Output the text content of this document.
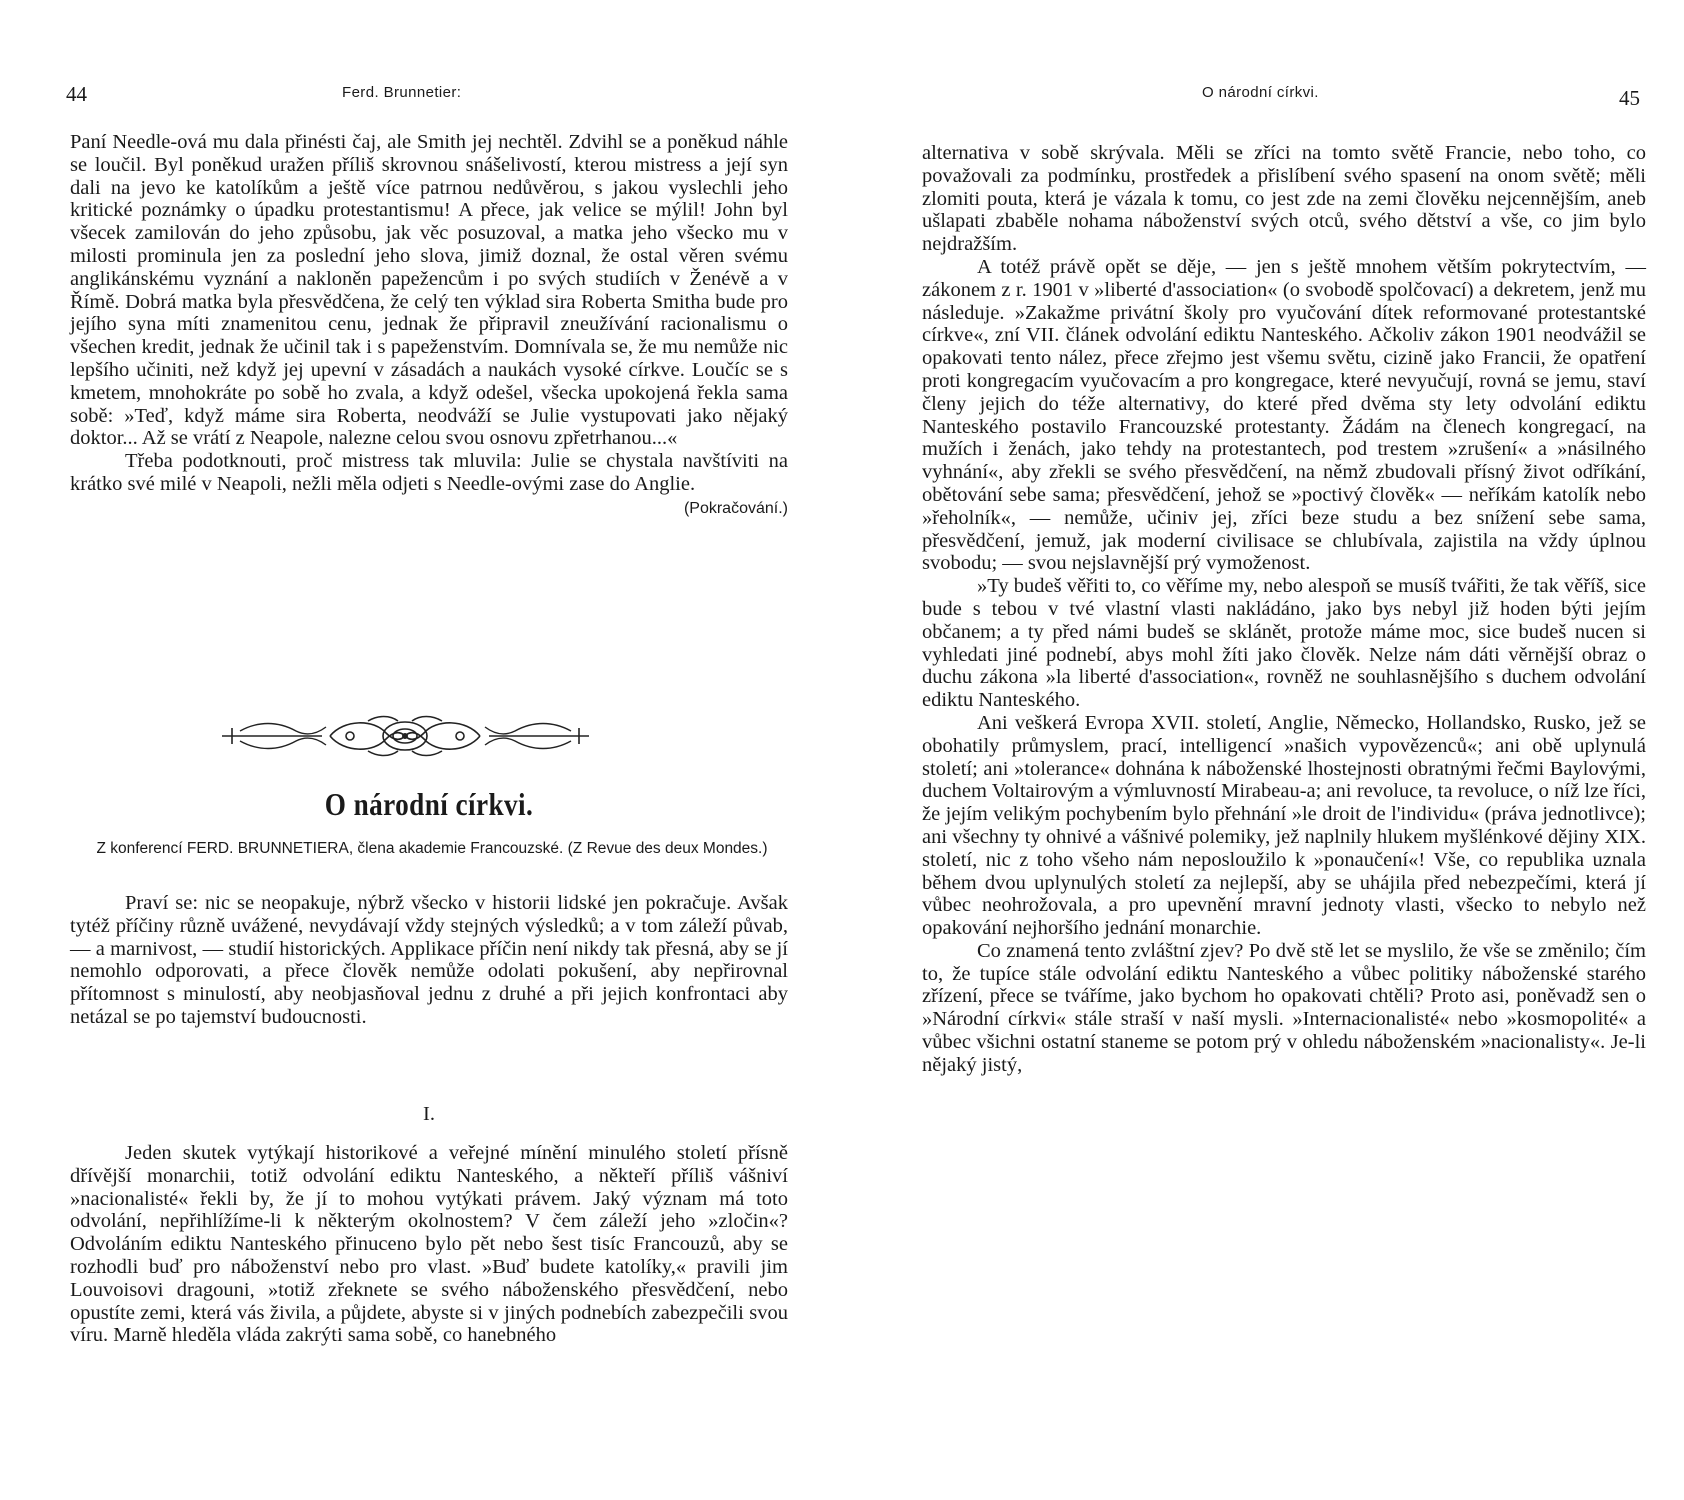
44	Ferd. Brunnetier:

Paní Needle-ová mu dala přinésti čaj, ale Smith jej nechtěl. Zdvihl se a poněkud náhle se loučil. Byl poněkud uražen příliš skrovnou snášelivostí, kterou mistress a její syn dali na jevo ke katolíkům a ještě více patrnou nedůvěrou, s jakou vyslechli jeho kritické poznámky o úpadku protestantismu! A přece, jak velice se mýlil! John byl všecek zamilován do jeho způsobu, jak věc posuzoval, a matka jeho všecko mu v milosti prominula jen za poslední jeho slova, jimiž doznal, že ostal věren svému anglikánskému vyznání a nakloněn papežencům i po svých studiích v Ženévě a v Římě. Dobrá matka byla přesvědčena, že celý ten výklad sira Roberta Smitha bude pro jejího syna míti znamenitou cenu, jednak že připravil zneužívání racionalismu o všechen kredit, jednak že učinil tak i s papeženstvím. Domnívala se, že mu nemůže nic lepšího učiniti, než když jej upevní v zásadách a naukách vysoké církve. Loučíc se s kmetem, mnohokráte po sobě ho zvala, a když odešel, všecka upokojená řekla sama sobě: »Teď, když máme sira Roberta, neodváží se Julie vystupovati jako nějaký doktor... Až se vrátí z Neapole, nalezne celou svou osnovu zpřetrhanou...«

Třeba podotknouti, proč mistress tak mluvila: Julie se chystala navštíviti na krátko své milé v Neapoli, nežli měla odjeti s Needle-ovými zase do Anglie.
(Pokračování.)

O národní církvi.
Z konferencí FERD. BRUNNETIERA, člena akademie Francouzské. (Z Revue des deux Mondes.)

Praví se: nic se neopakuje, nýbrž všecko v historii lidské jen pokračuje. Avšak tytéž příčiny různě uvážené, nevydávají vždy stejných výsledků; a v tom záleží půvab, — a marnivost, — studií historických. Applikace příčin není nikdy tak přesná, aby se jí nemohlo odporovati, a přece člověk nemůže odolati pokušení, aby nepřirovnal přítomnost s minulostí, aby neobjasňoval jednu z druhé a při jejich konfrontaci aby netázal se po tajemství budoucnosti.

I.

Jeden skutek vytýkají historikové a veřejné mínění minulého století přísně dřívější monarchii, totiž odvolání ediktu Nanteského, a někteří příliš vášniví »nacionalisté« řekli by, že jí to mohou vytýkati právem. Jaký význam má toto odvolání, nepřihlížíme-li k některým okolnostem? V čem záleží jeho »zločin«? Odvoláním ediktu Nanteského přinuceno bylo pět nebo šest tisíc Francouzů, aby se rozhodli buď pro náboženství nebo pro vlast. »Buď budete katolíky,« pravili jim Louvoisovi dragouni, »totiž zřeknete se svého náboženského přesvědčení, nebo opustíte zemi, která vás živila, a půjdete, abyste si v jiných podnebích zabezpečili svou víru. Marně hleděla vláda zakrýti sama sobě, co hanebného

O národní církvi.	45

alternativa v sobě skrývala. Měli se zříci na tomto světě Francie, nebo toho, co považovali za podmínku, prostředek a přislíbení svého spasení na onom světě; měli zlomiti pouta, která je vázala k tomu, co jest zde na zemi člověku nejcennějším, aneb ušlapati zbaběle nohama náboženství svých otců, svého dětství a vše, co jim bylo nejdražším.

A totéž právě opět se děje, — jen s ještě mnohem větším pokrytectvím, — zákonem z r. 1901 v »liberté d'association« (o svobodě spolčovací) a dekretem, jenž mu následuje. »Zakažme privátní školy pro vyučování dítek reformované protestantské církve«, zní VII. článek odvolání ediktu Nanteského. Ačkoliv zákon 1901 neodvážil se opakovati tento nález, přece zřejmo jest všemu světu, cizině jako Francii, že opatření proti kongregacím vyučovacím a pro kongregace, které nevyučují, rovná se jemu, staví členy jejich do téže alternativy, do které před dvěma sty lety odvolání ediktu Nanteského postavilo Francouzské protestanty. Žádám na členech kongregací, na mužích i ženách, jako tehdy na protestantech, pod trestem »zrušení« a »násilného vyhnání«, aby zřekli se svého přesvědčení, na němž zbudovali přísný život odříkání, obětování sebe sama; přesvědčení, jehož se »poctivý člověk« — neříkám katolík nebo »řeholník«, — nemůže, učiniv jej, zříci beze studu a bez snížení sebe sama, přesvědčení, jemuž, jak moderní civilisace se chlubívala, zajistila na vždy úplnou svobodu; — svou nejslavnější prý vymoženost.

»Ty budeš věřiti to, co věříme my, nebo alespoň se musíš tvářiti, že tak věříš, sice bude s tebou v tvé vlastní vlasti nakládáno, jako bys nebyl již hoden býti jejím občanem; a ty před námi budeš se sklánět, protože máme moc, sice budeš nucen si vyhledati jiné podnebí, abys mohl žíti jako člověk. Nelze nám dáti věrnější obraz o duchu zákona »la liberté d'association«, rovněž ne souhlasnějšího s duchem odvolání ediktu Nanteského.

Ani veškerá Evropa XVII. století, Anglie, Německo, Hollandsko, Rusko, jež se obohatily průmyslem, prací, intelligencí »našich vypovězenců«; ani obě uplynulá století; ani »tolerance« dohnána k náboženské lhostejnosti obratnými řečmi Baylovými, duchem Voltairovým a výmluvností Mirabeau-a; ani revoluce, ta revoluce, o níž lze říci, že jejím velikým pochybením bylo přehnání »le droit de l'individu« (práva jednotlivce); ani všechny ty ohnivé a vášnivé polemiky, jež naplnily hlukem myšlénkové dějiny XIX. století, nic z toho všeho nám neposloužilo k »ponaučení«! Vše, co republika uznala během dvou uplynulých století za nejlepší, aby se uhájila před nebezpečími, která jí vůbec neohrožovala, a pro upevnění mravní jednoty vlasti, všecko to nebylo než opakování nejhoršího jednání monarchie.

Co znamená tento zvláštní zjev? Po dvě stě let se myslilo, že vše se změnilo; čím to, že tupíce stále odvolání ediktu Nanteského a vůbec politiky náboženské starého zřízení, přece se tváříme, jako bychom ho opakovati chtěli? Proto asi, poněvadž sen o »Národní církvi« stále straší v naší mysli. »Internacionalisté« nebo »kosmopolité« a vůbec všichni ostatní staneme se potom prý v ohledu náboženském »nacionalisty«. Je-li nějaký jistý,
